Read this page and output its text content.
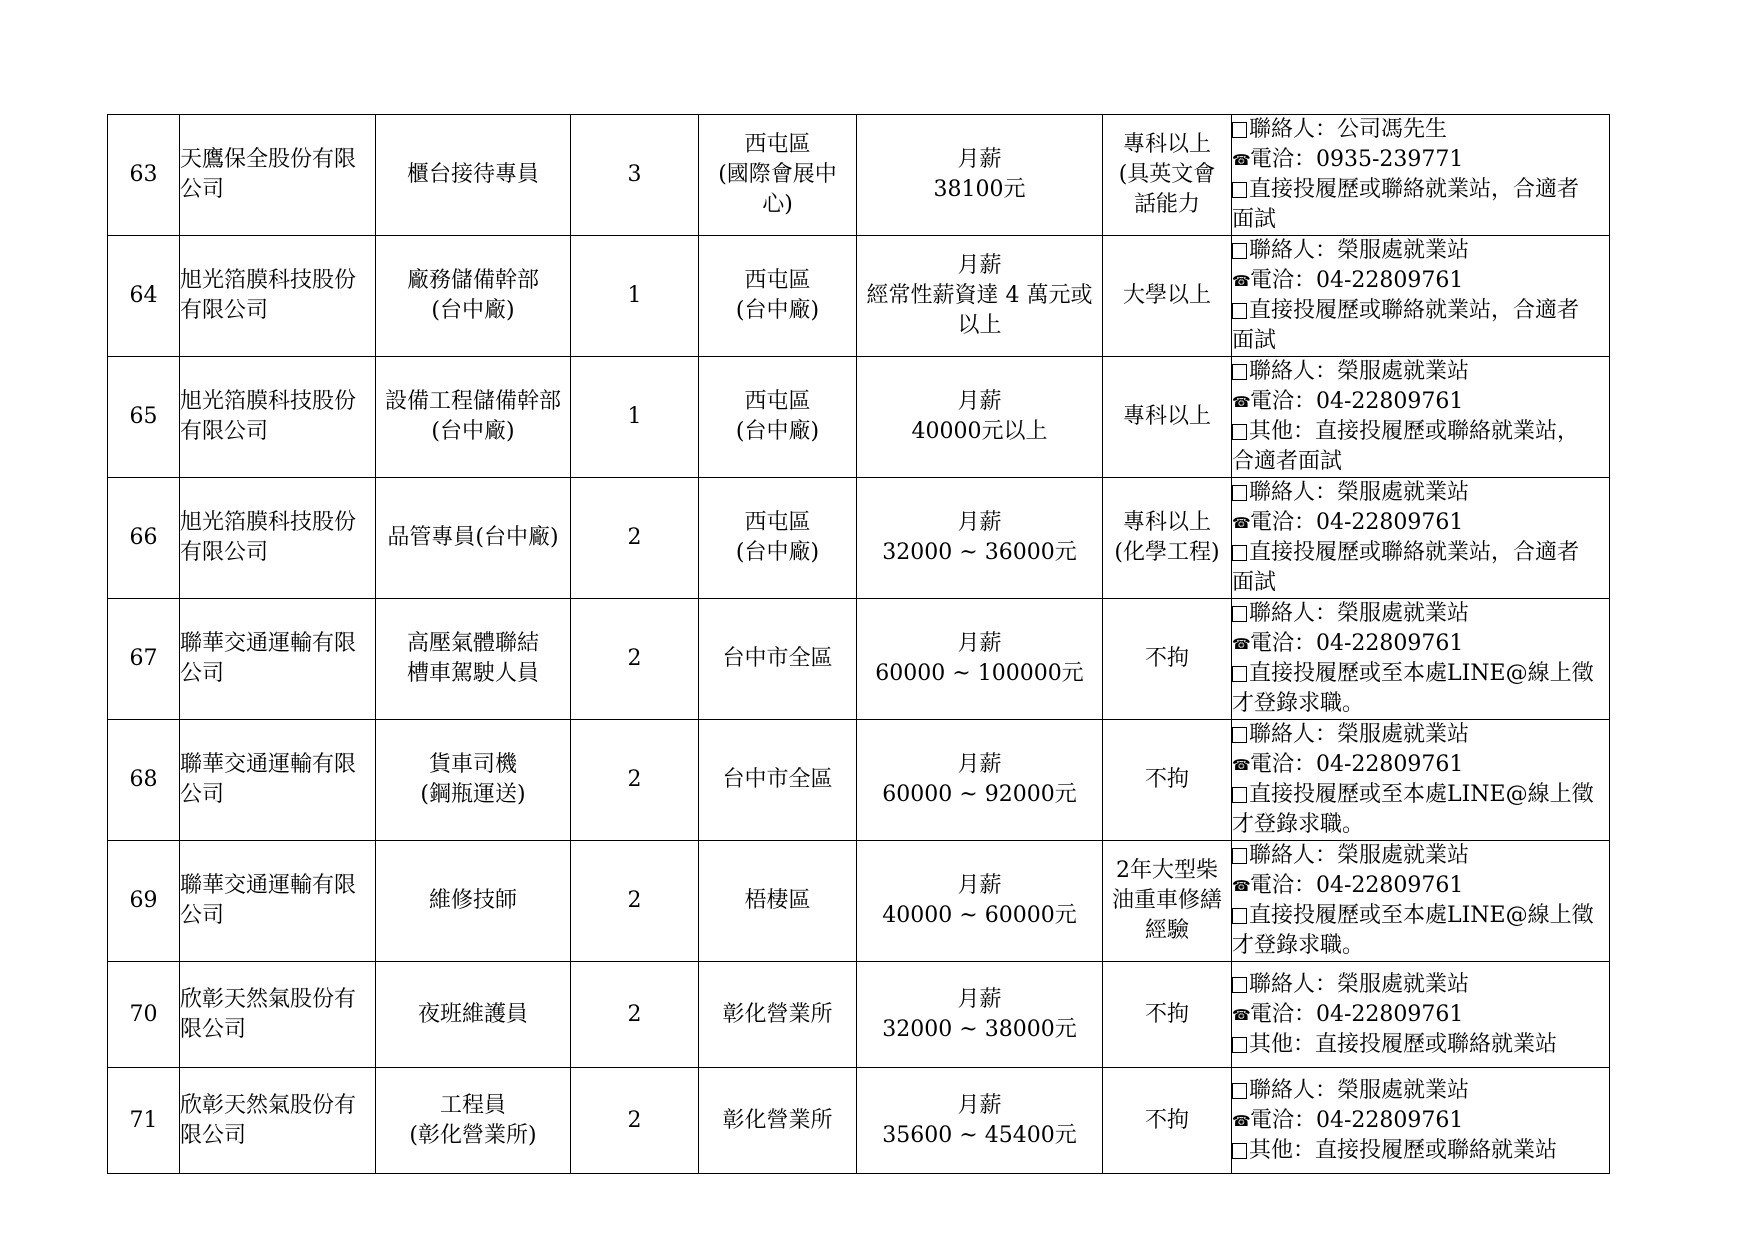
63	天鷹保全股份有限
公司	櫃台接待專員	3	西屯區
(國際會展中
心)	月薪
38100元	專科以上
(具英文會
話能力	聯絡人：公司馮先生
☎電洽：0935-239771
直接投履歷或聯絡就業站，合適者
面試

64	旭光箔膜科技股份
有限公司	廠務儲備幹部
(台中廠)	1	西屯區
(台中廠)	月薪
經常性薪資達 4 萬元或
以上	大學以上	聯絡人：榮服處就業站
☎電洽：04-22809761
直接投履歷或聯絡就業站，合適者
面試

65	旭光箔膜科技股份
有限公司	設備工程儲備幹部
(台中廠)	1	西屯區
(台中廠)	月薪
40000元以上	專科以上	聯絡人：榮服處就業站
☎電洽：04-22809761
其他：直接投履歷或聯絡就業站，
合適者面試

66	旭光箔膜科技股份
有限公司	品管專員(台中廠)	2	西屯區
(台中廠)	月薪
32000 ~ 36000元	專科以上
(化學工程)	聯絡人：榮服處就業站
☎電洽：04-22809761
直接投履歷或聯絡就業站，合適者
面試

67	聯華交通運輸有限
公司	高壓氣體聯結
槽車駕駛人員	2	台中市全區	月薪
60000 ~ 100000元	不拘	聯絡人：榮服處就業站
☎電洽：04-22809761
直接投履歷或至本處LINE@線上徵
才登錄求職。

68	聯華交通運輸有限
公司	貨車司機
(鋼瓶運送)	2	台中市全區	月薪
60000 ~ 92000元	不拘	聯絡人：榮服處就業站
☎電洽：04-22809761
直接投履歷或至本處LINE@線上徵
才登錄求職。

69	聯華交通運輸有限
公司	維修技師	2	梧棲區	月薪
40000 ~ 60000元	2年大型柴
油重車修繕
經驗	聯絡人：榮服處就業站
☎電洽：04-22809761
直接投履歷或至本處LINE@線上徵
才登錄求職。

70	欣彰天然氣股份有
限公司	夜班維護員	2	彰化營業所	月薪
32000 ~ 38000元	不拘	聯絡人：榮服處就業站
☎電洽：04-22809761
其他：直接投履歷或聯絡就業站

71	欣彰天然氣股份有
限公司	工程員
(彰化營業所)	2	彰化營業所	月薪
35600 ~ 45400元	不拘	聯絡人：榮服處就業站
☎電洽：04-22809761
其他：直接投履歷或聯絡就業站
